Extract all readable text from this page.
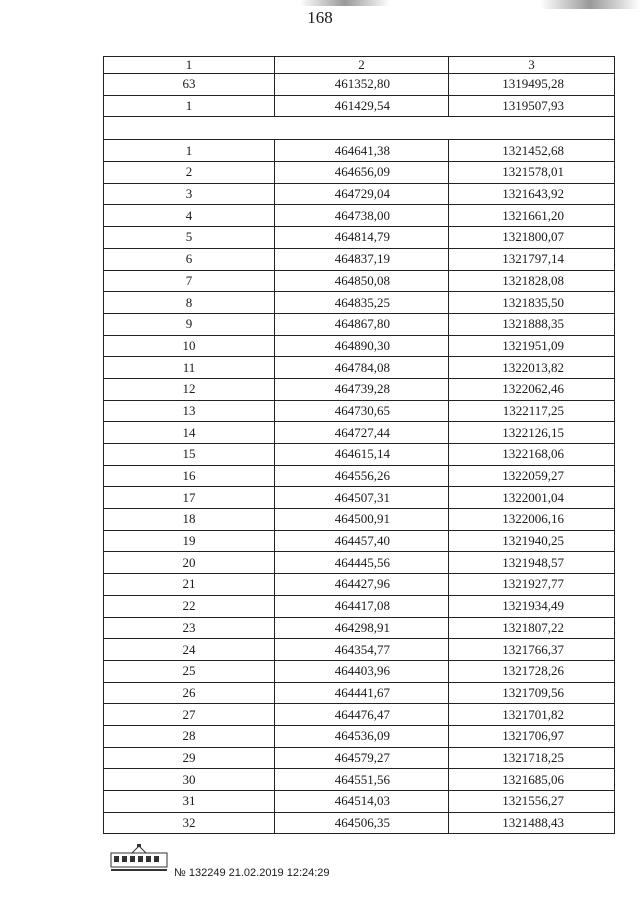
168
1	2	3
63	461352,80	1319495,28
1	461429,54	1319507,93

1	464641,38	1321452,68
2	464656,09	1321578,01
3	464729,04	1321643,92
4	464738,00	1321661,20
5	464814,79	1321800,07
6	464837,19	1321797,14
7	464850,08	1321828,08
8	464835,25	1321835,50
9	464867,80	1321888,35
10	464890,30	1321951,09
11	464784,08	1322013,82
12	464739,28	1322062,46
13	464730,65	1322117,25
14	464727,44	1322126,15
15	464615,14	1322168,06
16	464556,26	1322059,27
17	464507,31	1322001,04
18	464500,91	1322006,16
19	464457,40	1321940,25
20	464445,56	1321948,57
21	464427,96	1321927,77
22	464417,08	1321934,49
23	464298,91	1321807,22
24	464354,77	1321766,37
25	464403,96	1321728,26
26	464441,67	1321709,56
27	464476,47	1321701,82
28	464536,09	1321706,97
29	464579,27	1321718,25
30	464551,56	1321685,06
31	464514,03	1321556,27
32	464506,35	1321488,43
№ 132249 21.02.2019 12:24:29
